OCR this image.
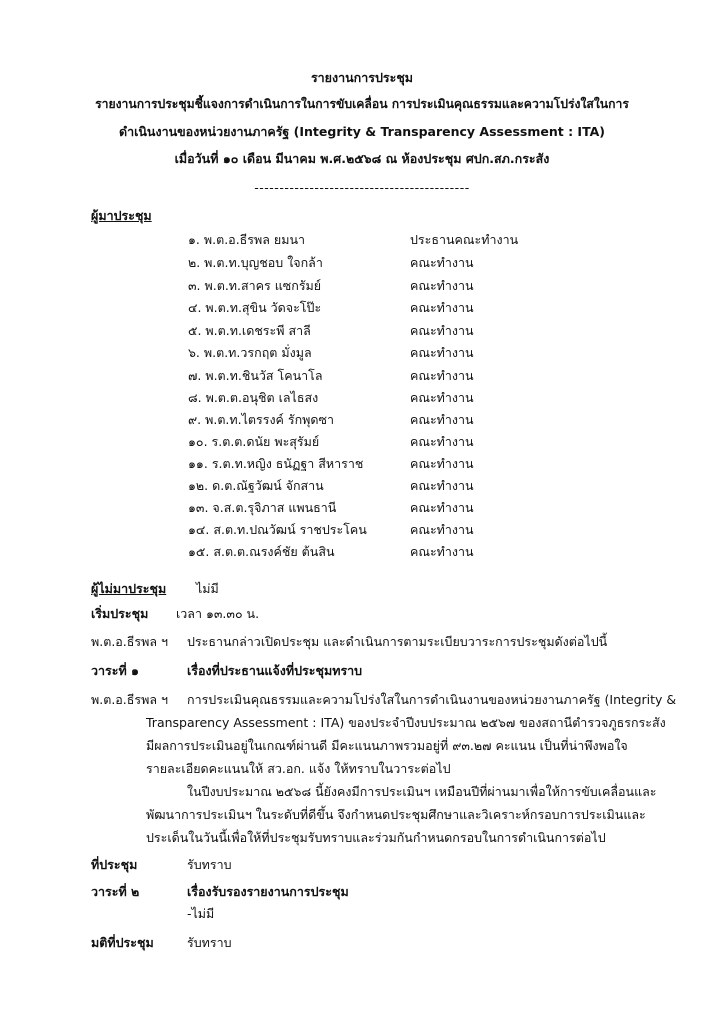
รายงานการประชุม
รายงานการประชุมชี้แจงการดำเนินการในการขับเคลื่อน การประเมินคุณธรรมและความโปร่งใสในการ
ดำเนินงานของหน่วยงานภาครัฐ (Integrity & Transparency Assessment : ITA)
เมื่อวันที่ ๑๐ เดือน มีนาคม พ.ศ.๒๕๖๘ ณ ห้องประชุม ศปก.สภ.กระสัง
-------------------------------------------
ผู้มาประชุม
๑. พ.ต.อ.ธีรพล ยมนา	ประธานคณะทำงาน
๒. พ.ต.ท.บุญชอบ ใจกล้า	คณะทำงาน
๓. พ.ต.ท.สาคร แซกรัมย์	คณะทำงาน
๔. พ.ต.ท.สุขิน วัดจะโป๊ะ	คณะทำงาน
๕. พ.ต.ท.เดชระพี สาลี	คณะทำงาน
๖. พ.ต.ท.วรกฤต มั่งมูล	คณะทำงาน
๗. พ.ต.ท.ชินวัส โคนาโล	คณะทำงาน
๘. พ.ต.ต.อนุชิต เลไธสง	คณะทำงาน
๙. พ.ต.ท.ไตรรงค์ รักพุดซา	คณะทำงาน
๑๐. ร.ต.ต.ดนัย พะสุรัมย์	คณะทำงาน
๑๑. ร.ต.ท.หญิง ธนัฏฐา สีหาราช	คณะทำงาน
๑๒. ด.ต.ณัฐวัฒน์ จักสาน	คณะทำงาน
๑๓. จ.ส.ต.รุจิภาส แพนธานี	คณะทำงาน
๑๔. ส.ต.ท.ปณวัฒน์ ราชประโคน	คณะทำงาน
๑๕. ส.ต.ต.ณรงค์ชัย ต้นสิน	คณะทำงาน
ผู้ไม่มาประชุม ไม่มี
เริ่มประชุม เวลา ๑๓.๓๐ น.
พ.ต.อ.ธีรพล ฯ ประธานกล่าวเปิดประชุม และดำเนินการตามระเบียบวาระการประชุมดังต่อไปนี้
วาระที่ ๑	เรื่องที่ประธานแจ้งที่ประชุมทราบ
พ.ต.อ.ธีรพล ฯ การประเมินคุณธรรมและความโปร่งใสในการดำเนินงานของหน่วยงานภาครัฐ (Integrity &
Transparency Assessment : ITA) ของประจำปีงบประมาณ ๒๕๖๗ ของสถานีตำรวจภูธรกระสัง
มีผลการประเมินอยู่ในเกณฑ์ผ่านดี มีคะแนนภาพรวมอยู่ที่ ๙๓.๒๗ คะแนน เป็นที่น่าพึงพอใจ
รายละเอียดคะแนนให้ สว.อก. แจ้ง ให้ทราบในวาระต่อไป
ในปีงบประมาณ ๒๕๖๘ นี้ยังคงมีการประเมินฯ เหมือนปีที่ผ่านมาเพื่อให้การขับเคลื่อนและ
พัฒนาการประเมินฯ ในระดับที่ดีขึ้น จึงกำหนดประชุมศึกษาและวิเคราะห์กรอบการประเมินและ
ประเด็นในวันนี้เพื่อให้ที่ประชุมรับทราบและร่วมกันกำหนดกรอบในการดำเนินการต่อไป
ที่ประชุม	รับทราบ
วาระที่ ๒	เรื่องรับรองรายงานการประชุม
-ไม่มี
มติที่ประชุม	รับทราบ
